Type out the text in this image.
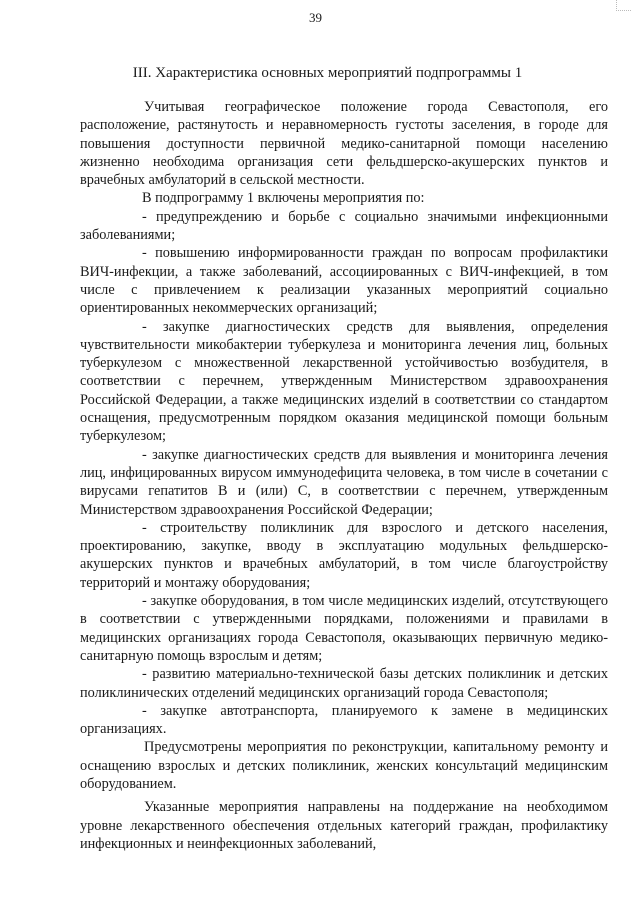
39
III. Характеристика основных мероприятий подпрограммы 1

Учитывая географическое положение города Севастополя, его расположение, растянутость и неравномерность густоты заселения, в городе для повышения доступности первичной медико-санитарной помощи населению жизненно необходима организация сети фельдшерско-акушерских пунктов и врачебных амбулаторий в сельской местности.

В подпрограмму 1 включены мероприятия по:

- предупреждению и борьбе с социально значимыми инфекционными заболеваниями;

- повышению информированности граждан по вопросам профилактики ВИЧ-инфекции, а также заболеваний, ассоциированных с ВИЧ-инфекцией, в том числе с привлечением к реализации указанных мероприятий социально ориентированных некоммерческих организаций;

- закупке диагностических средств для выявления, определения чувствительности микобактерии туберкулеза и мониторинга лечения лиц, больных туберкулезом с множественной лекарственной устойчивостью возбудителя, в соответствии с перечнем, утвержденным Министерством здравоохранения Российской Федерации, а также медицинских изделий в соответствии со стандартом оснащения, предусмотренным порядком оказания медицинской помощи больным туберкулезом;

- закупке диагностических средств для выявления и мониторинга лечения лиц, инфицированных вирусом иммунодефицита человека, в том числе в сочетании с вирусами гепатитов B и (или) C, в соответствии с перечнем, утвержденным Министерством здравоохранения Российской Федерации;

- строительству поликлиник для взрослого и детского населения, проектированию, закупке, вводу в эксплуатацию модульных фельдшерско-акушерских пунктов и врачебных амбулаторий, в том числе благоустройству территорий и монтажу оборудования;

- закупке оборудования, в том числе медицинских изделий, отсутствующего в соответствии с утвержденными порядками, положениями и правилами в медицинских организациях города Севастополя, оказывающих первичную медико-санитарную помощь взрослым и детям;

- развитию материально-технической базы детских поликлиник и детских поликлинических отделений медицинских организаций города Севастополя;

- закупке автотранспорта, планируемого к замене в медицинских организациях.

Предусмотрены мероприятия по реконструкции, капитальному ремонту и оснащению взрослых и детских поликлиник, женских консультаций медицинским оборудованием.

Указанные мероприятия направлены на поддержание на необходимом уровне лекарственного обеспечения отдельных категорий граждан, профилактику инфекционных и неинфекционных заболеваний,
